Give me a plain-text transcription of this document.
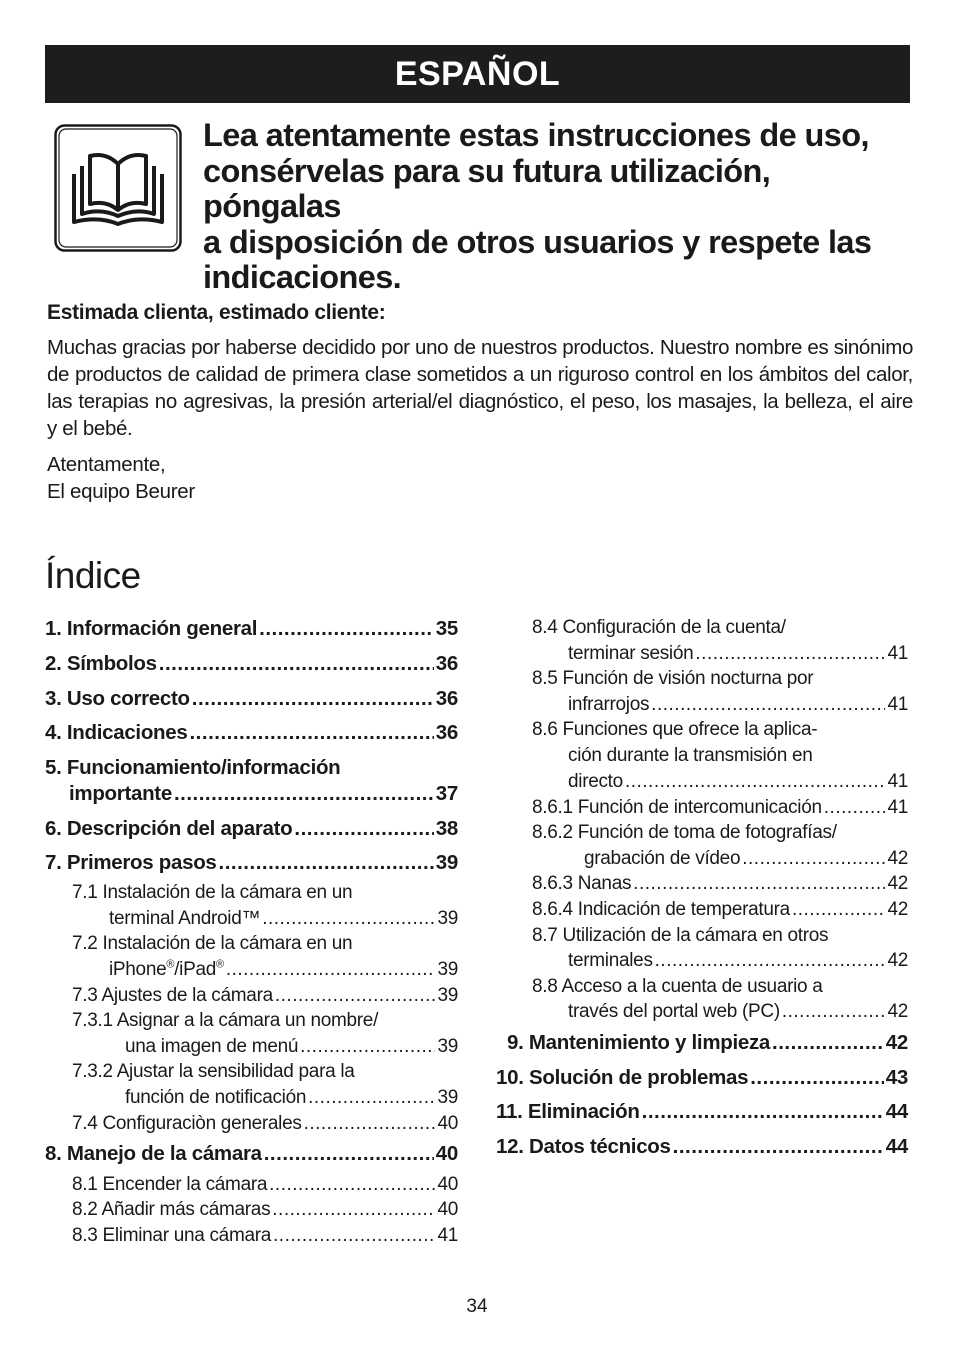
ESPAÑOL
Lea atentamente estas instrucciones de uso,
consérvelas para su futura utilización, póngalas
a disposición de otros usuarios y respete las
indicaciones.

Estimada clienta, estimado cliente:

Muchas gracias por haberse decidido por uno de nuestros productos. Nuestro nombre es sinónimo de productos de calidad de primera clase sometidos a un riguroso control en los ámbitos del calor, las terapias no agresivas, la presión arterial/el diagnóstico, el peso, los masajes, la belleza, el aire y el bebé.

Atentamente,
El equipo Beurer
Índice
1. Información general .....	35
2. Símbolos .....	36
3. Uso correcto .....	36
4. Indicaciones .....	36
5. Funcionamiento/información
importante .....	37
6. Descripción del aparato .....	38
7. Primeros pasos .....	39
7.1 Instalación de la cámara en un
terminal Android™ .....	39
7.2 Instalación de la cámara en un
iPhone®/iPad® .....	39
7.3 Ajustes de la cámara .....	39
7.3.1 Asignar a la cámara un nombre/
una imagen de menú .....	39
7.3.2 Ajustar la sensibilidad para la
función de notificación .....	39
7.4 Configuraciòn generales .....	40
8. Manejo de la cámara .....	40
8.1 Encender la cámara .....	40
8.2 Añadir más cámaras .....	40
8.3 Eliminar una cámara .....	41
8.4 Configuración de la cuenta/
terminar sesión .....	41
8.5 Función de visión nocturna por
infrarrojos .....	41
8.6 Funciones que ofrece la aplica-
ción durante la transmisión en
directo .....	41
8.6.1 Función de intercomunicación .....	41
8.6.2 Función de toma de fotografías/
grabación de vídeo .....	42
8.6.3 Nanas .....	42
8.6.4 Indicación de temperatura .....	42
8.7 Utilización de la cámara en otros
terminales .....	42
8.8 Acceso a la cuenta de usuario a
través del portal web (PC) .....	42
9. Mantenimiento y limpieza .....	42
10. Solución de problemas .....	43
11. Eliminación .....	44
12. Datos técnicos .....	44
34
